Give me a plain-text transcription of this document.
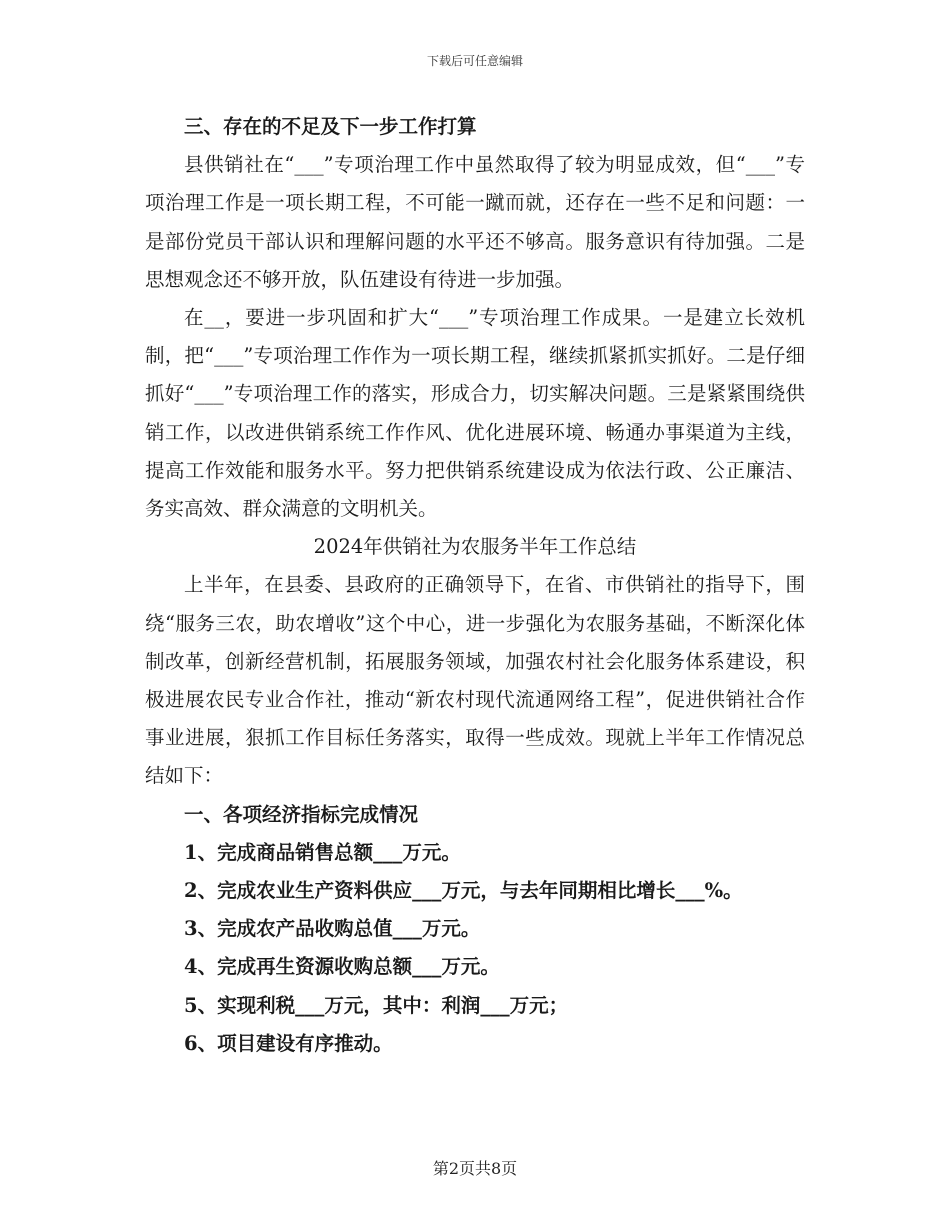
下载后可任意编辑

三、存在的不足及下一步工作打算

县供销社在“___”专项治理工作中虽然取得了较为明显成效，但“___”专项治理工作是一项长期工程，不可能一蹴而就，还存在一些不足和问题：一是部份党员干部认识和理解问题的水平还不够高。服务意识有待加强。二是思想观念还不够开放，队伍建设有待进一步加强。

在__，要进一步巩固和扩大“___”专项治理工作成果。一是建立长效机制，把“___”专项治理工作作为一项长期工程，继续抓紧抓实抓好。二是仔细抓好“___”专项治理工作的落实，形成合力，切实解决问题。三是紧紧围绕供销工作，以改进供销系统工作作风、优化进展环境、畅通办事渠道为主线，提高工作效能和服务水平。努力把供销系统建设成为依法行政、公正廉洁、务实高效、群众满意的文明机关。

2024年供销社为农服务半年工作总结

上半年，在县委、县政府的正确领导下，在省、市供销社的指导下，围绕“服务三农，助农增收”这个中心，进一步强化为农服务基础，不断深化体制改革，创新经营机制，拓展服务领域，加强农村社会化服务体系建设，积极进展农民专业合作社，推动“新农村现代流通网络工程”，促进供销社合作事业进展，狠抓工作目标任务落实，取得一些成效。现就上半年工作情况总结如下：

一、各项经济指标完成情况

1、完成商品销售总额___万元。

2、完成农业生产资料供应___万元，与去年同期相比增长___%。

3、完成农产品收购总值___万元。

4、完成再生资源收购总额___万元。

5、实现利税___万元，其中：利润___万元；

6、项目建设有序推动。

第2页共8页
